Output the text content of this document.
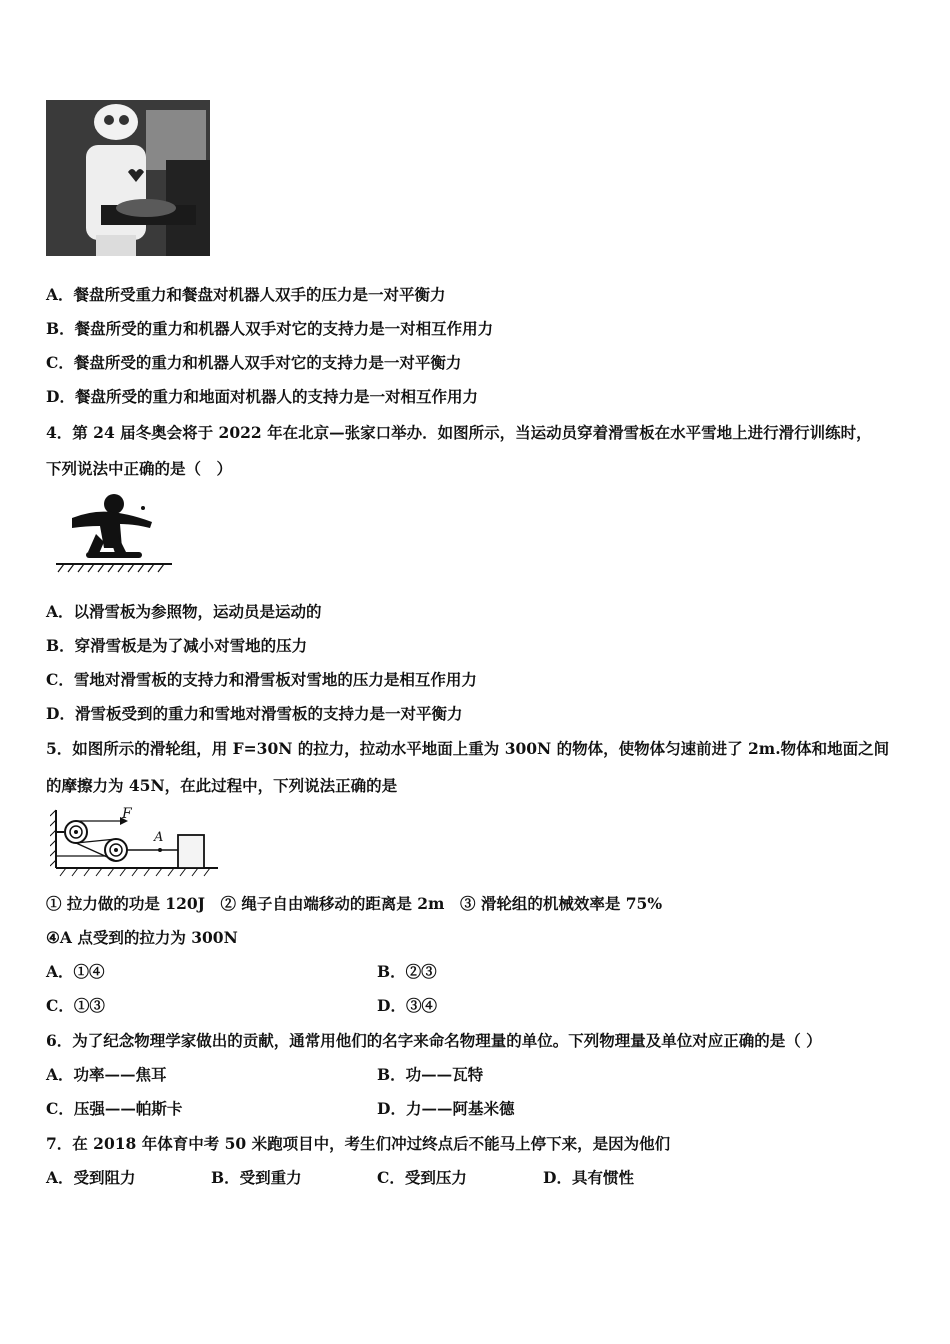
A．餐盘所受重力和餐盘对机器人双手的压力是一对平衡力
B．餐盘所受的重力和机器人双手对它的支持力是一对相互作用力
C．餐盘所受的重力和机器人双手对它的支持力是一对平衡力
D．餐盘所受的重力和地面对机器人的支持力是一对相互作用力
4．第 24 届冬奥会将于 2022 年在北京—张家口举办．如图所示，当运动员穿着滑雪板在水平雪地上进行滑行训练时，
下列说法中正确的是（　）
A．以滑雪板为参照物，运动员是运动的
B．穿滑雪板是为了减小对雪地的压力
C．雪地对滑雪板的支持力和滑雪板对雪地的压力是相互作用力
D．滑雪板受到的重力和雪地对滑雪板的支持力是一对平衡力
5．如图所示的滑轮组，用 F=30N 的拉力，拉动水平地面上重为 300N 的物体，使物体匀速前进了 2m.物体和地面之间
的摩擦力为 45N，在此过程中，下列说法正确的是
F
A
① 拉力做的功是 120J　② 绳子自由端移动的距离是 2m　③ 滑轮组的机械效率是 75%
④A 点受到的拉力为 300N
A．①④	B．②③
C．①③	D．③④
6．为了纪念物理学家做出的贡献，通常用他们的名字来命名物理量的单位。下列物理量及单位对应正确的是（ ）
A．功率——焦耳	B．功——瓦特
C．压强——帕斯卡	D．力——阿基米德
7．在 2018 年体育中考 50 米跑项目中，考生们冲过终点后不能马上停下来，是因为他们
A．受到阻力	B．受到重力	C．受到压力	D．具有惯性
